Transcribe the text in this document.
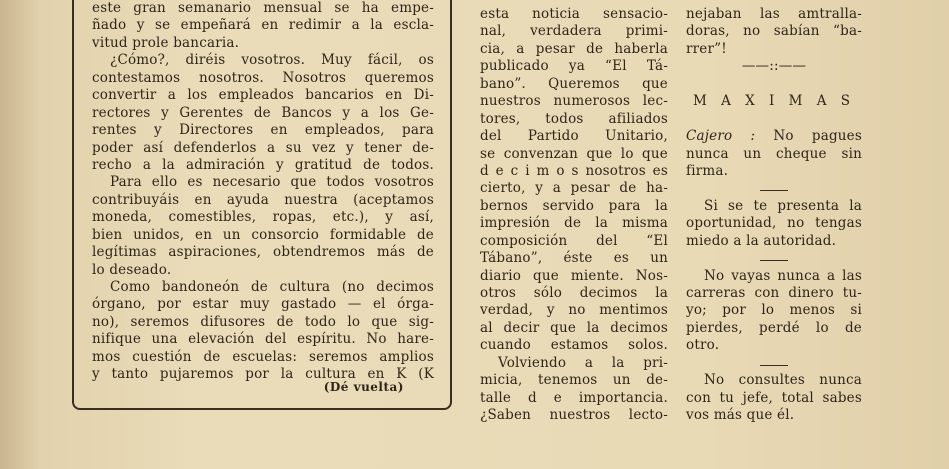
este gran semanario mensual se ha empe-
ñado y se empeñará en redimir a la escla-
vitud prole bancaria.
¿Cómo?, diréis vosotros. Muy fácil, os
contestamos nosotros. Nosotros queremos
convertir a los empleados bancarios en Di-
rectores y Gerentes de Bancos y a los Ge-
rentes y Directores en empleados, para
poder así defenderlos a su vez y tener de-
recho a la admiración y gratitud de todos.
Para ello es necesario que todos vosotros
contribuyáis en ayuda nuestra (aceptamos
moneda, comestibles, ropas, etc.), y así,
bien unidos, en un consorcio formidable de
legítimas aspiraciones, obtendremos más de
lo deseado.
Como bandoneón de cultura (no decimos
órgano, por estar muy gastado — el órga-
no), seremos difusores de todo lo que sig-
nifique una elevación del espíritu. No hare-
mos cuestión de escuelas: seremos amplios
y tanto pujaremos por la cultura en K (K
(Dé vuelta)
esta noticia sensacio-
nal, verdadera primi-
cia, a pesar de haberla
publicado ya “El Tá-
bano”. Queremos que
nuestros numerosos lec-
tores, todos afiliados
del Partido Unitario,
se convenzan que lo que
d e c i m o s nosotros es
cierto, y a pesar de ha-
bernos servido para la
impresión de la misma
composición del “El
Tábano”, éste es un
diario que miente. Nos-
otros sólo decimos la
verdad, y no mentimos
al decir que la decimos
cuando estamos solos.
Volviendo a la pri-
micia, tenemos un de-
talle d e importancia.
¿Saben nuestros lecto-
nejaban las amtralla-
doras, no sabían “ba-
rrer”!
——::——
M A X I M A S
Cajero : No pagues
nunca un cheque sin
firma.
Si se te presenta la
oportunidad, no tengas
miedo a la autoridad.
No vayas nunca a las
carreras con dinero tu-
yo; por lo menos si
pierdes, perdé lo de
otro.
No consultes nunca
con tu jefe, total sabes
vos más que él.
